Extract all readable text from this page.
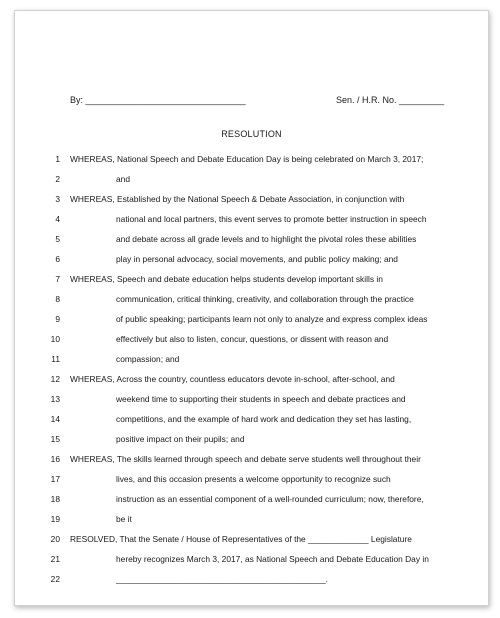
By: ________________________________	Sen. / H.R. No. _________
RESOLUTION
1 WHEREAS, National Speech and Debate Education Day is being celebrated on March 3, 2017;
2	and
3 WHEREAS, Established by the National Speech & Debate Association, in conjunction with
4	national and local partners, this event serves to promote better instruction in speech
5	and debate across all grade levels and to highlight the pivotal roles these abilities
6	play in personal advocacy, social movements, and public policy making; and
7 WHEREAS, Speech and debate education helps students develop important skills in
8	communication, critical thinking, creativity, and collaboration through the practice
9	of public speaking; participants learn not only to analyze and express complex ideas
10	effectively but also to listen, concur, questions, or dissent with reason and
11	compassion; and
12 WHEREAS, Across the country, countless educators devote in-school, after-school, and
13	weekend time to supporting their students in speech and debate practices and
14	competitions, and the example of hard work and dedication they set has lasting,
15	positive impact on their pupils; and
16 WHEREAS, The skills learned through speech and debate serve students well throughout their
17	lives, and this occasion presents a welcome opportunity to recognize such
18	instruction as an essential component of a well-rounded curriculum; now, therefore,
19	be it
20 RESOLVED, That the Senate / House of Representatives of the _____________ Legislature
21	hereby recognizes March 3, 2017, as National Speech and Debate Education Day in
22	_____________________________________________.
